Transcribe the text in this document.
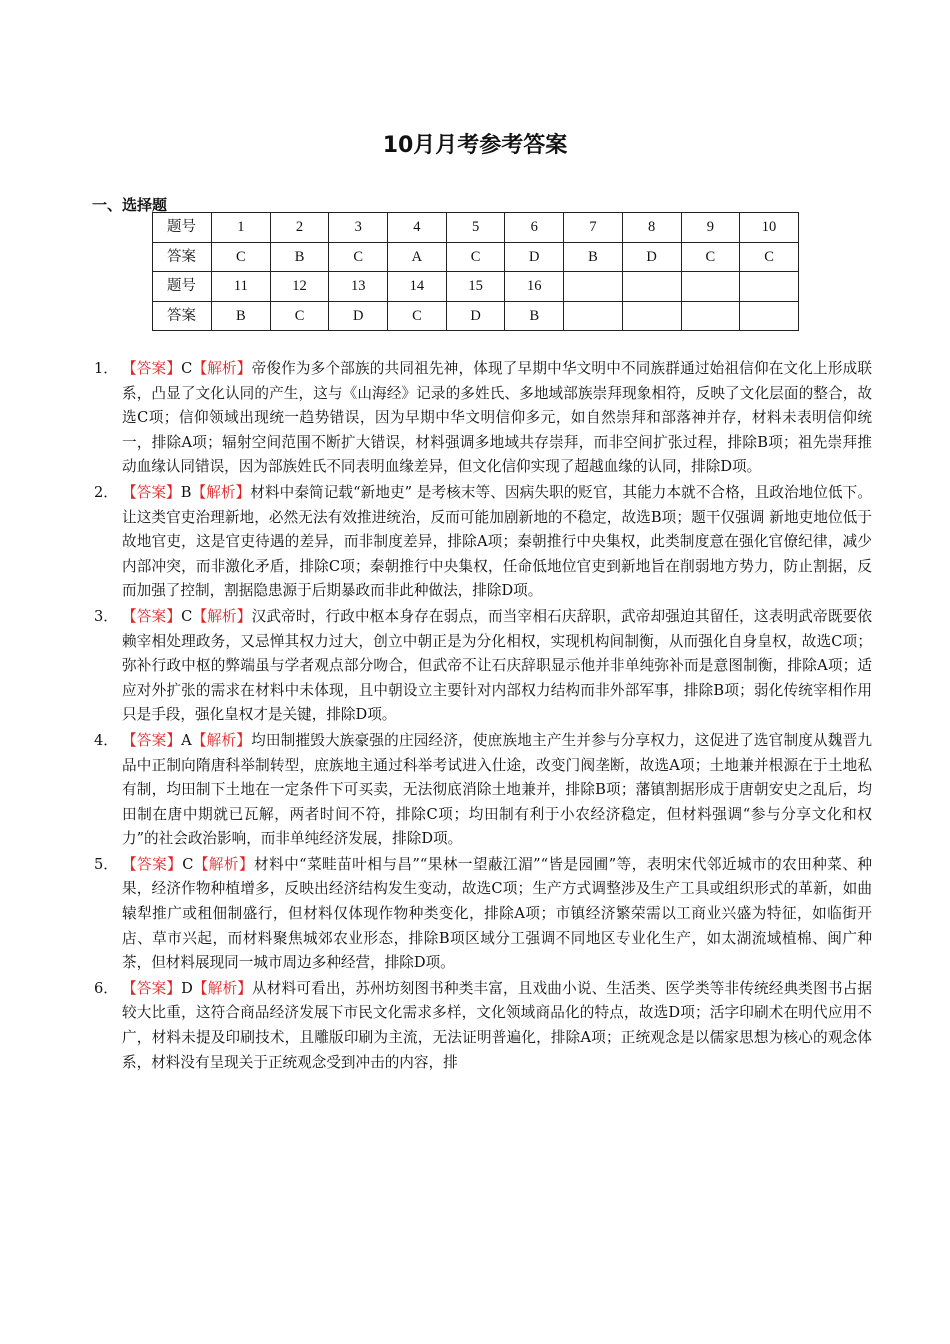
10月月考参考答案
一、选择题
题号	1	2	3	4	5	6	7	8	9	10
答案	C	B	C	A	C	D	B	D	C	C
题号	11	12	13	14	15	16				
答案	B	C	D	C	D	B				
1． 【答案】C【解析】帝俊作为多个部族的共同祖先神，体现了早期中华文明中不同族群通过始祖信仰在文化上形成联系，凸显了文化认同的产生，这与《山海经》记录的多姓氏、多地域部族崇拜现象相符，反映了文化层面的整合，故选C项；信仰领域出现统一趋势错误，因为早期中华文明信仰多元，如自然崇拜和部落神并存，材料未表明信仰统一，排除A项；辐射空间范围不断扩大错误，材料强调多地域共存崇拜，而非空间扩张过程，排除B项；祖先崇拜推动血缘认同错误，因为部族姓氏不同表明血缘差异，但文化信仰实现了超越血缘的认同，排除D项。
2． 【答案】B【解析】材料中秦简记载“新地吏” 是考核末等、因病失职的贬官，其能力本就不合格，且政治地位低下。让这类官吏治理新地，必然无法有效推进统治，反而可能加剧新地的不稳定，故选B项；题干仅强调 新地吏地位低于故地官吏，这是官吏待遇的差异，而非制度差异，排除A项；秦朝推行中央集权，此类制度意在强化官僚纪律，减少内部冲突，而非激化矛盾，排除C项；秦朝推行中央集权，任命低地位官吏到新地旨在削弱地方势力，防止割据，反而加强了控制，割据隐患源于后期暴政而非此种做法，排除D项。
3． 【答案】C【解析】汉武帝时，行政中枢本身存在弱点，而当宰相石庆辞职，武帝却强迫其留任，这表明武帝既要依赖宰相处理政务，又忌惮其权力过大，创立中朝正是为分化相权，实现机构间制衡，从而强化自身皇权，故选C项；弥补行政中枢的弊端虽与学者观点部分吻合，但武帝不让石庆辞职显示他并非单纯弥补而是意图制衡，排除A项；适应对外扩张的需求在材料中未体现，且中朝设立主要针对内部权力结构而非外部军事，排除B项；弱化传统宰相作用只是手段，强化皇权才是关键，排除D项。
4． 【答案】A【解析】均田制摧毁大族豪强的庄园经济，使庶族地主产生并参与分享权力，这促进了选官制度从魏晋九品中正制向隋唐科举制转型，庶族地主通过科举考试进入仕途，改变门阀垄断，故选A项；土地兼并根源在于土地私有制，均田制下土地在一定条件下可买卖，无法彻底消除土地兼并，排除B项；藩镇割据形成于唐朝安史之乱后，均田制在唐中期就已瓦解，两者时间不符，排除C项；均田制有利于小农经济稳定，但材料强调“参与分享文化和权力”的社会政治影响，而非单纯经济发展，排除D项。
5． 【答案】C【解析】材料中“菜畦苗叶相与昌”“果林一望蔽江湄”“皆是园圃”等，表明宋代邻近城市的农田种菜、种果，经济作物种植增多，反映出经济结构发生变动，故选C项；生产方式调整涉及生产工具或组织形式的革新，如曲辕犁推广或租佃制盛行，但材料仅体现作物种类变化，排除A项；市镇经济繁荣需以工商业兴盛为特征，如临街开店、草市兴起，而材料聚焦城郊农业形态，排除B项区域分工强调不同地区专业化生产，如太湖流域植棉、闽广种茶，但材料展现同一城市周边多种经营，排除D项。
6． 【答案】D【解析】从材料可看出，苏州坊刻图书种类丰富，且戏曲小说、生活类、医学类等非传统经典类图书占据较大比重，这符合商品经济发展下市民文化需求多样，文化领域商品化的特点，故选D项；活字印刷术在明代应用不广，材料未提及印刷技术，且雕版印刷为主流，无法证明普遍化，排除A项；正统观念是以儒家思想为核心的观念体系，材料没有呈现关于正统观念受到冲击的内容，排
